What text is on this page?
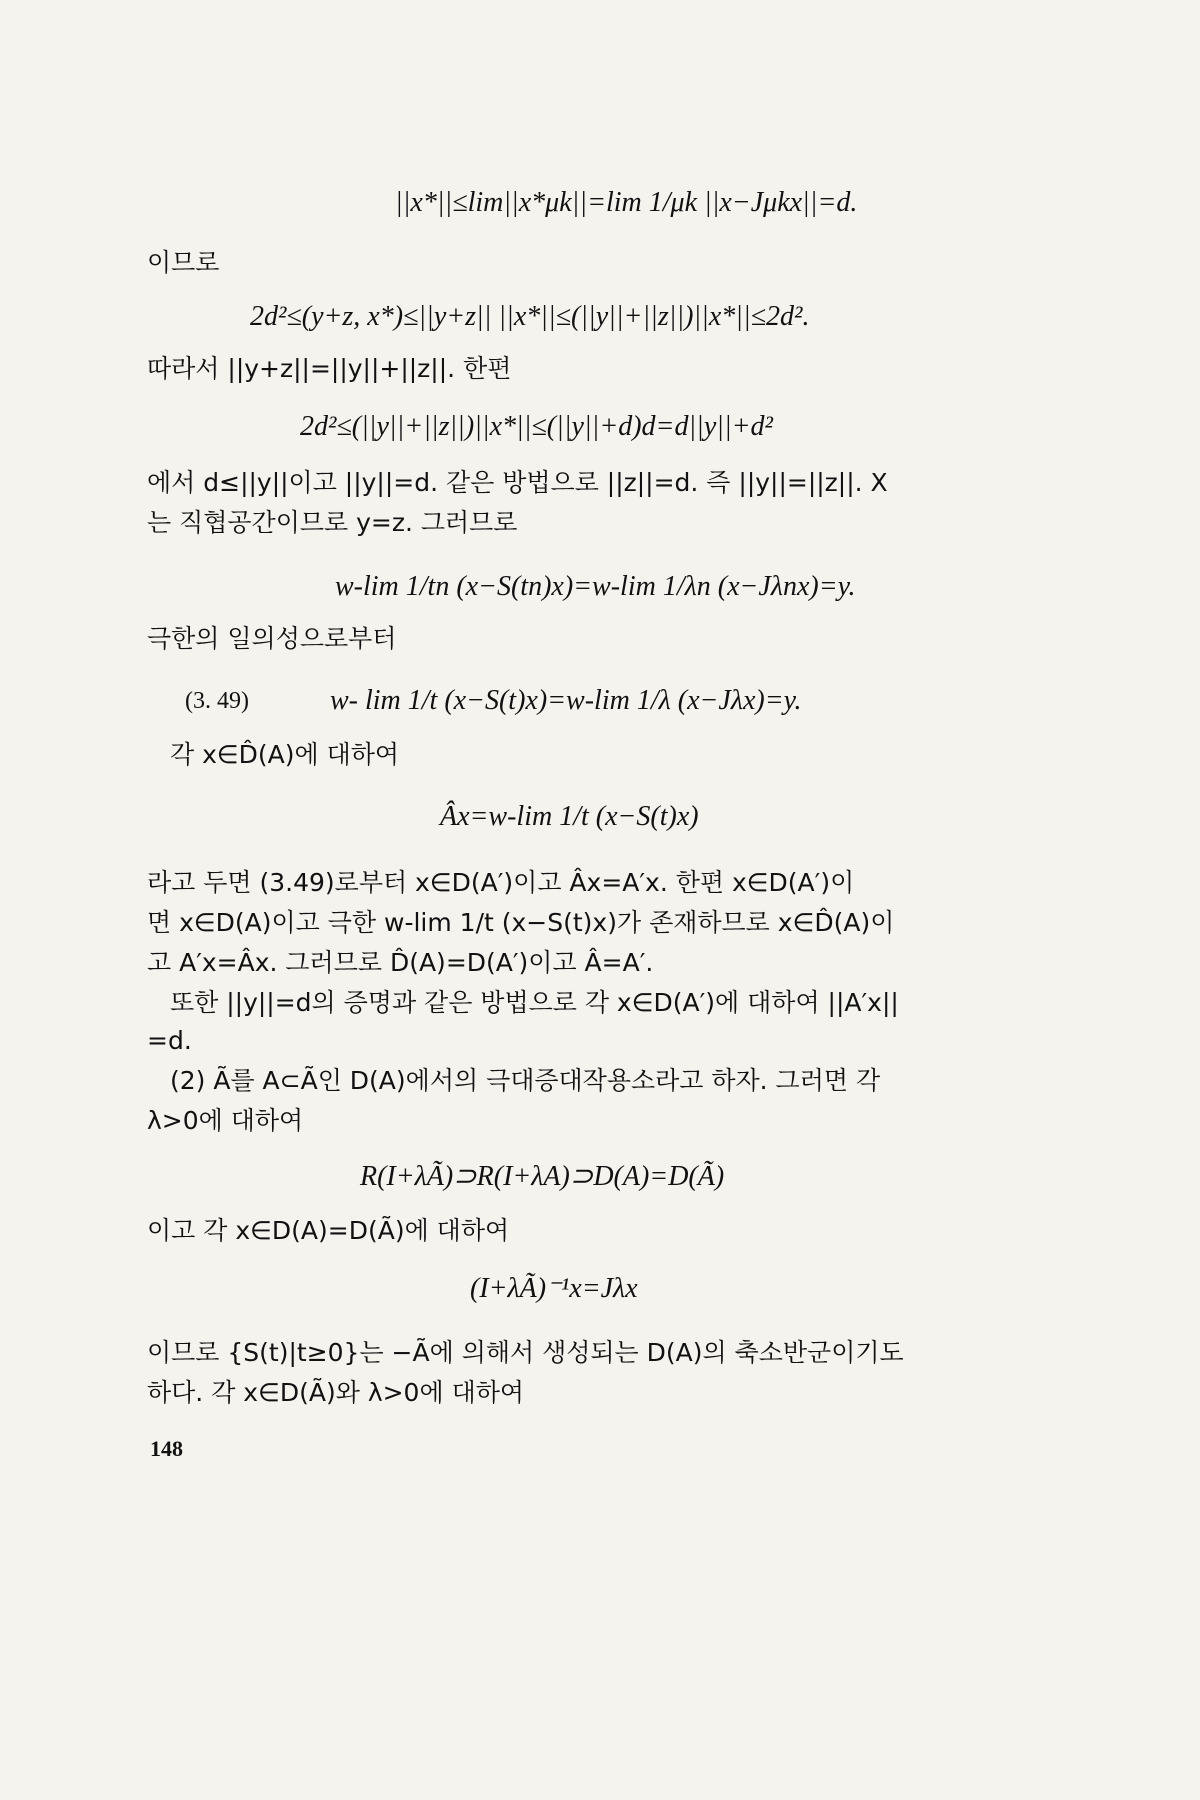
||x*||≤lim||x*μk||=lim 1/μk ||x−Jμkx||=d.
이므로
2d²≤(y+z, x*)≤||y+z|| ||x*||≤(||y||+||z||)||x*||≤2d².
따라서 ||y+z||=||y||+||z||. 한편
2d²≤(||y||+||z||)||x*||≤(||y||+d)d=d||y||+d²
에서 d≤||y||이고 ||y||=d. 같은 방법으로 ||z||=d. 즉 ||y||=||z||. X
는 직협공간이므로 y=z. 그러므로
w-lim 1/tn (x−S(tn)x)=w-lim 1/λn (x−Jλnx)=y.
극한의 일의성으로부터
(3. 49)	w- lim 1/t (x−S(t)x)=w-lim 1/λ (x−Jλx)=y.
각 x∈D̂(A)에 대하여
Âx=w-lim 1/t (x−S(t)x)
라고 두면 (3.49)로부터 x∈D(A′)이고 Âx=A′x. 한편 x∈D(A′)이
면 x∈D(A)이고 극한 w-lim 1/t (x−S(t)x)가 존재하므로 x∈D̂(A)이
고 A′x=Âx. 그러므로 D̂(A)=D(A′)이고 Â=A′.
또한 ||y||=d의 증명과 같은 방법으로 각 x∈D(A′)에 대하여 ||A′x||
=d.
(2) Ã를 A⊂Ã인 D(A)에서의 극대증대작용소라고 하자. 그러면 각
λ>0에 대하여
R(I+λÃ)⊃R(I+λA)⊃D(A)=D(Ã)
이고 각 x∈D(A)=D(Ã)에 대하여
(I+λÃ)⁻¹x=Jλx
이므로 {S(t)|t≥0}는 −Ã에 의해서 생성되는 D(A)의 축소반군이기도
하다. 각 x∈D(Ã)와 λ>0에 대하여
148
